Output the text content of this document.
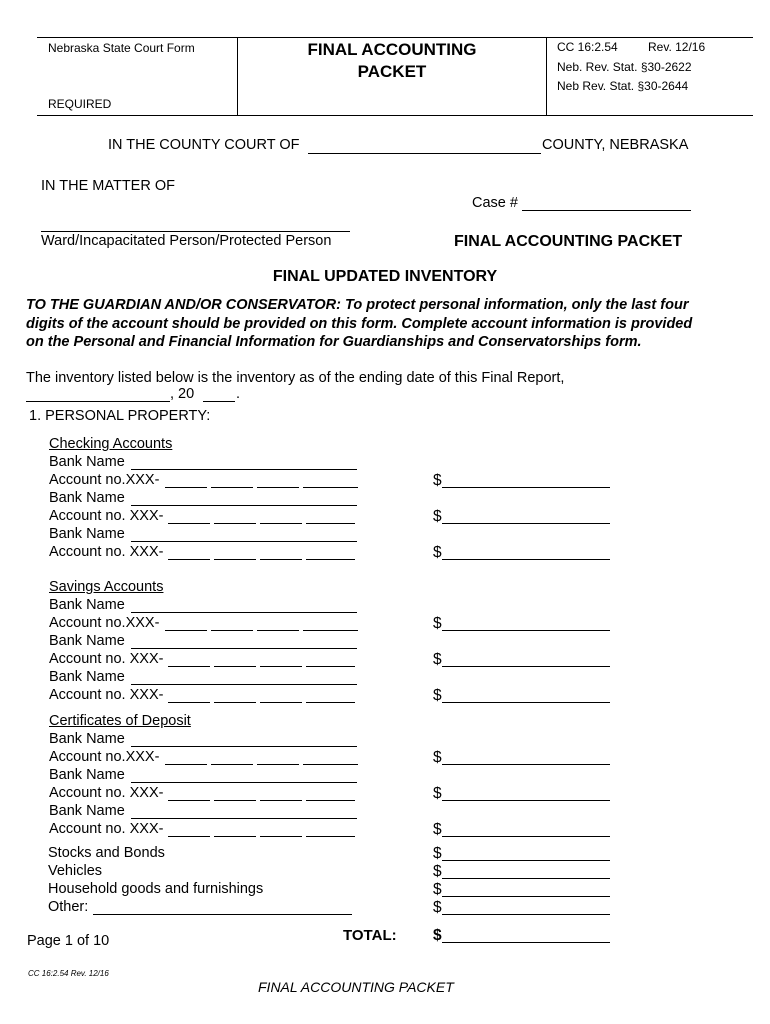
Nebraska State Court Form
REQUIRED
FINAL ACCOUNTING
PACKET
CC 16:2.54	Rev. 12/16
Neb. Rev. Stat. §30-2622
Neb Rev. Stat. §30-2644
IN THE COUNTY COURT OF	COUNTY, NEBRASKA
IN THE MATTER OF
Case #
Ward/Incapacitated Person/Protected Person	FINAL ACCOUNTING PACKET
FINAL UPDATED INVENTORY
TO THE GUARDIAN AND/OR CONSERVATOR: To protect personal information, only the last four
digits of the account should be provided on this form. Complete account information is provided
on the Personal and Financial Information for Guardianships and Conservatorships form.
The inventory listed below is the inventory as of the ending date of this Final Report,
, 20	.
1. PERSONAL PROPERTY:
Checking Accounts
Bank Name
Account no.XXX-	$
Bank Name
Account no. XXX-	$
Bank Name
Account no. XXX-	$
Savings Accounts
Bank Name
Account no.XXX-	$
Bank Name
Account no. XXX-	$
Bank Name
Account no. XXX-	$
Certificates of Deposit
Bank Name
Account no.XXX-	$
Bank Name
Account no. XXX-	$
Bank Name
Account no. XXX-	$
Stocks and Bonds	$
Vehicles	$
Household goods and furnishings	$
Other:	$
TOTAL: $
Page 1 of 10
CC 16:2.54 Rev. 12/16
FINAL ACCOUNTING PACKET
